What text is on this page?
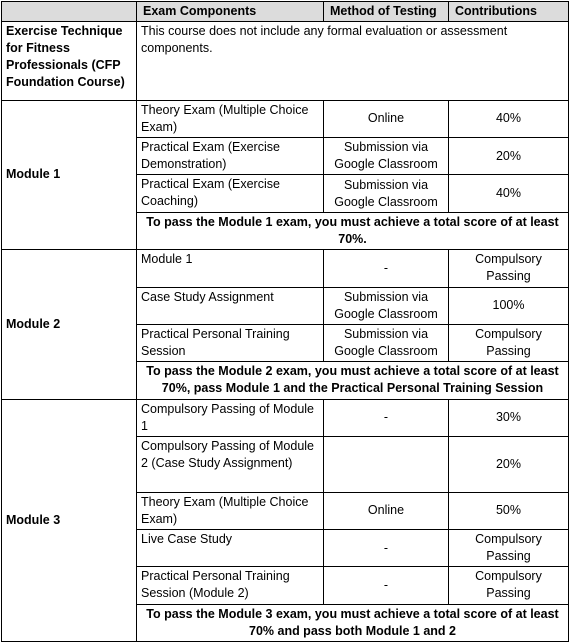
	Exam Components	Method of Testing	Contributions
Exercise Technique for Fitness Professionals (CFP Foundation Course)	This course does not include any formal evaluation or assessment components.		
Module 1	Theory Exam (Multiple Choice Exam)	Online	40%
	Practical Exam (Exercise Demonstration)	Submission via Google Classroom	20%
	Practical Exam (Exercise Coaching)	Submission via Google Classroom	40%
	To pass the Module 1 exam, you must achieve a total score of at least 70%.		
Module 2	Module 1	-	Compulsory Passing
	Case Study Assignment	Submission via Google Classroom	100%
	Practical Personal Training Session	Submission via Google Classroom	Compulsory Passing
	To pass the Module 2 exam, you must achieve a total score of at least 70%, pass Module 1 and the Practical Personal Training Session		
Module 3	Compulsory Passing of Module 1	-	30%
	Compulsory Passing of Module 2 (Case Study Assignment)		20%
	Theory Exam (Multiple Choice Exam)	Online	50%
	Live Case Study	-	Compulsory Passing
	Practical Personal Training Session (Module 2)	-	Compulsory Passing
	To pass the Module 3 exam, you must achieve a total score of at least 70% and pass both Module 1 and 2		
